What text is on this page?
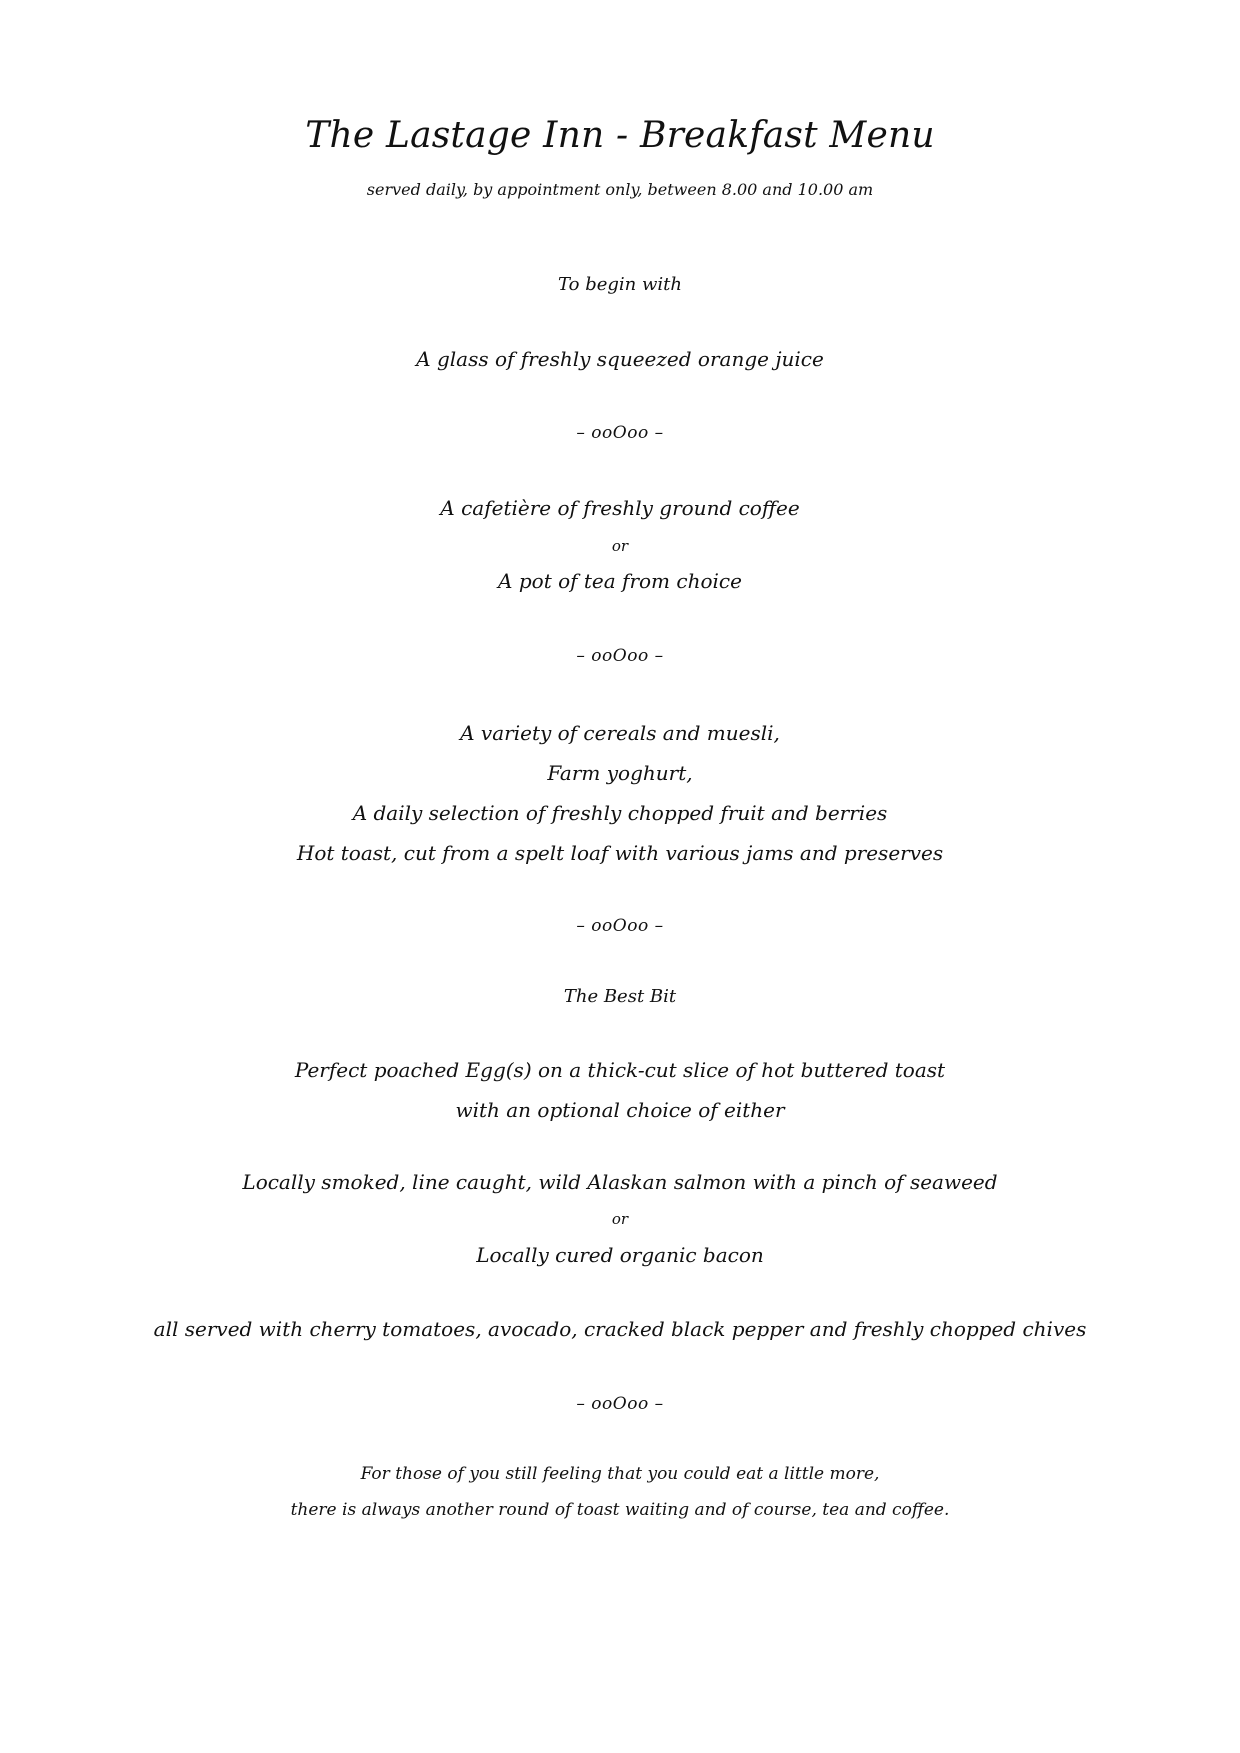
The Lastage Inn - Breakfast Menu
served daily, by appointment only, between 8.00 and 10.00 am
To begin with
A glass of freshly squeezed orange juice
– ooOoo –
A cafetière of freshly ground coffee
or
A pot of tea from choice
– ooOoo –
A variety of cereals and muesli,
Farm yoghurt,
A daily selection of freshly chopped fruit and berries
Hot toast, cut from a spelt loaf with various jams and preserves
– ooOoo –
The Best Bit
Perfect poached Egg(s) on a thick-cut slice of hot buttered toast
with an optional choice of either
Locally smoked, line caught, wild Alaskan salmon with a pinch of seaweed
or
Locally cured organic bacon
all served with cherry tomatoes, avocado, cracked black pepper and freshly chopped chives
– ooOoo –
For those of you still feeling that you could eat a little more,
there is always another round of toast waiting and of course, tea and coffee.
